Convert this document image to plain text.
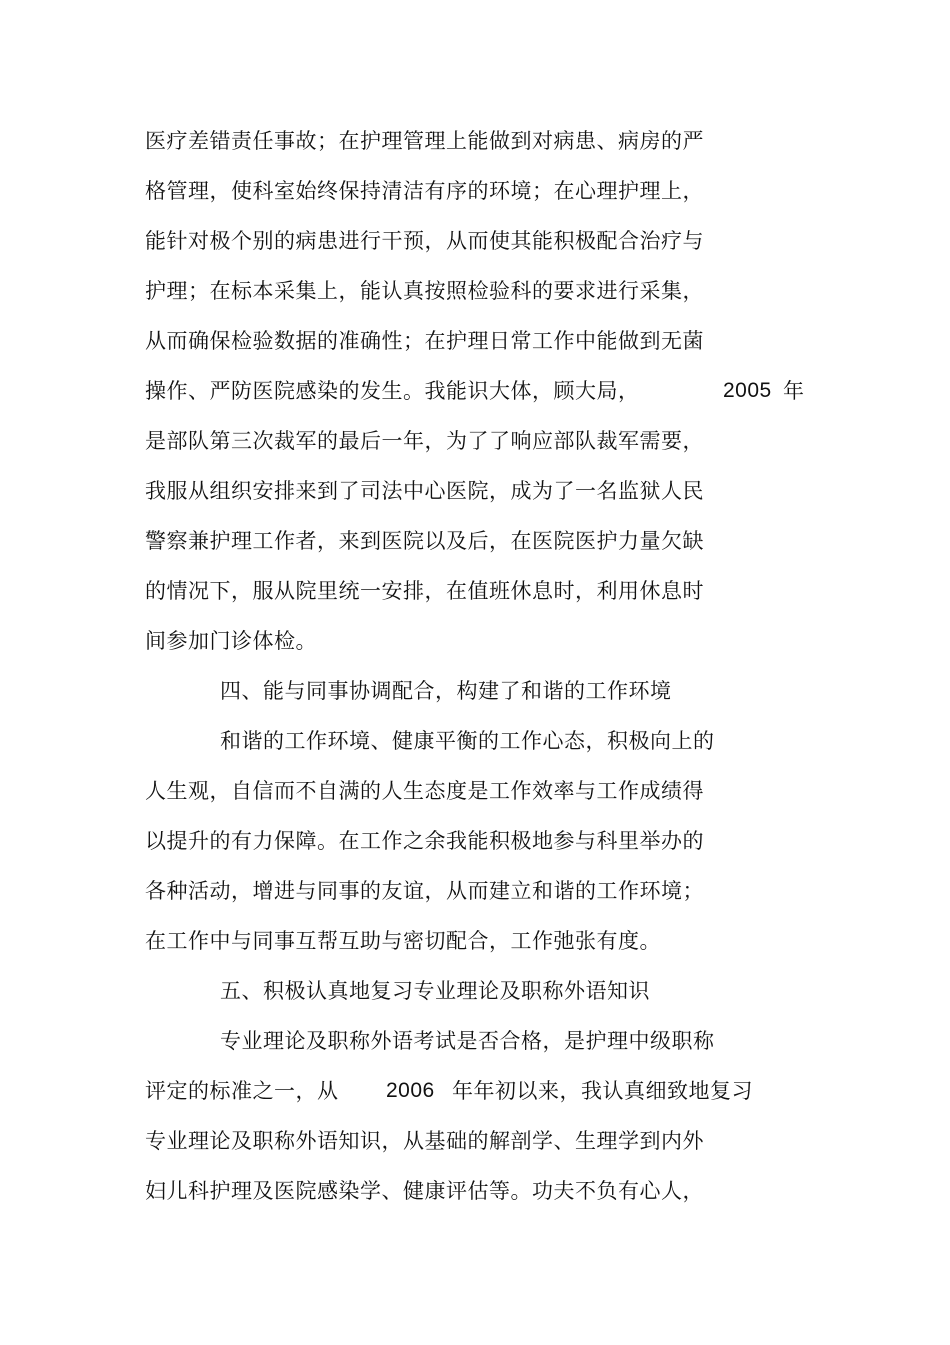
医疗差错责任事故；在护理管理上能做到对病患、病房的严
格管理，使科室始终保持清洁有序的环境；在心理护理上，
能针对极个别的病患进行干预，从而使其能积极配合治疗与
护理；在标本采集上，能认真按照检验科的要求进行采集，
从而确保检验数据的准确性；在护理日常工作中能做到无菌
操作、严防医院感染的发生。我能识大体，顾大局，	2005 年
是部队第三次裁军的最后一年，为了了响应部队裁军需要，
我服从组织安排来到了司法中心医院，成为了一名监狱人民
警察兼护理工作者，来到医院以及后，在医院医护力量欠缺
的情况下，服从院里统一安排，在值班休息时，利用休息时
间参加门诊体检。
四、能与同事协调配合，构建了和谐的工作环境
和谐的工作环境、健康平衡的工作心态，积极向上的
人生观，自信而不自满的人生态度是工作效率与工作成绩得
以提升的有力保障。在工作之余我能积极地参与科里举办的
各种活动，增进与同事的友谊，从而建立和谐的工作环境；
在工作中与同事互帮互助与密切配合，工作弛张有度。
五、积极认真地复习专业理论及职称外语知识
专业理论及职称外语考试是否合格，是护理中级职称
评定的标准之一，从 2006 年年初以来，我认真细致地复习
专业理论及职称外语知识，从基础的解剖学、生理学到内外
妇儿科护理及医院感染学、健康评估等。功夫不负有心人，
